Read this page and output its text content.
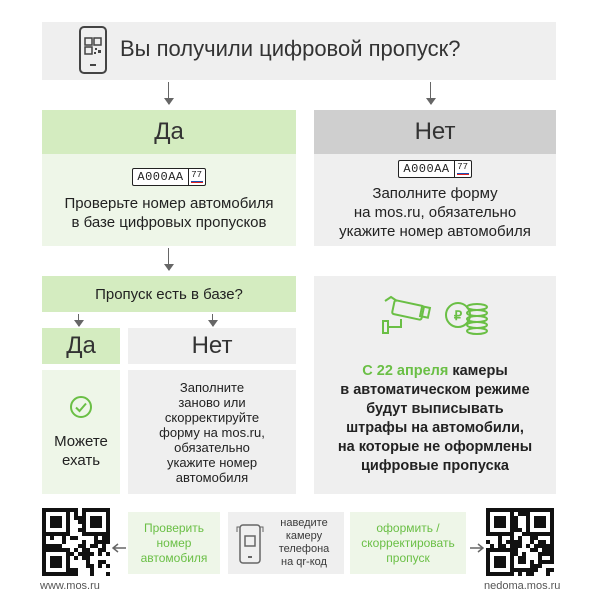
Вы получили цифровой пропуск?
Да
А000АА 77
Проверьте номер автомобиля
в базе цифровых пропусков
Нет
А000АА 77
Заполните форму
на mos.ru, обязательно
укажите номер автомобиля
Пропуск есть в базе?
Да
Можете
ехать
Нет
Заполните
заново или
скорректируйте
форму на mos.ru,
обязательно
укажите номер
автомобиля
₽
С 22 апреля камеры
в автоматическом режиме
будут выписывать
штрафы на автомобили,
на которые не оформлены
цифровые пропуска
www.mos.ru
Проверить
номер
автомобиля
наведите
камеру
телефона
на qr-код
оформить /
скорректировать
пропуск
nedoma.mos.ru
